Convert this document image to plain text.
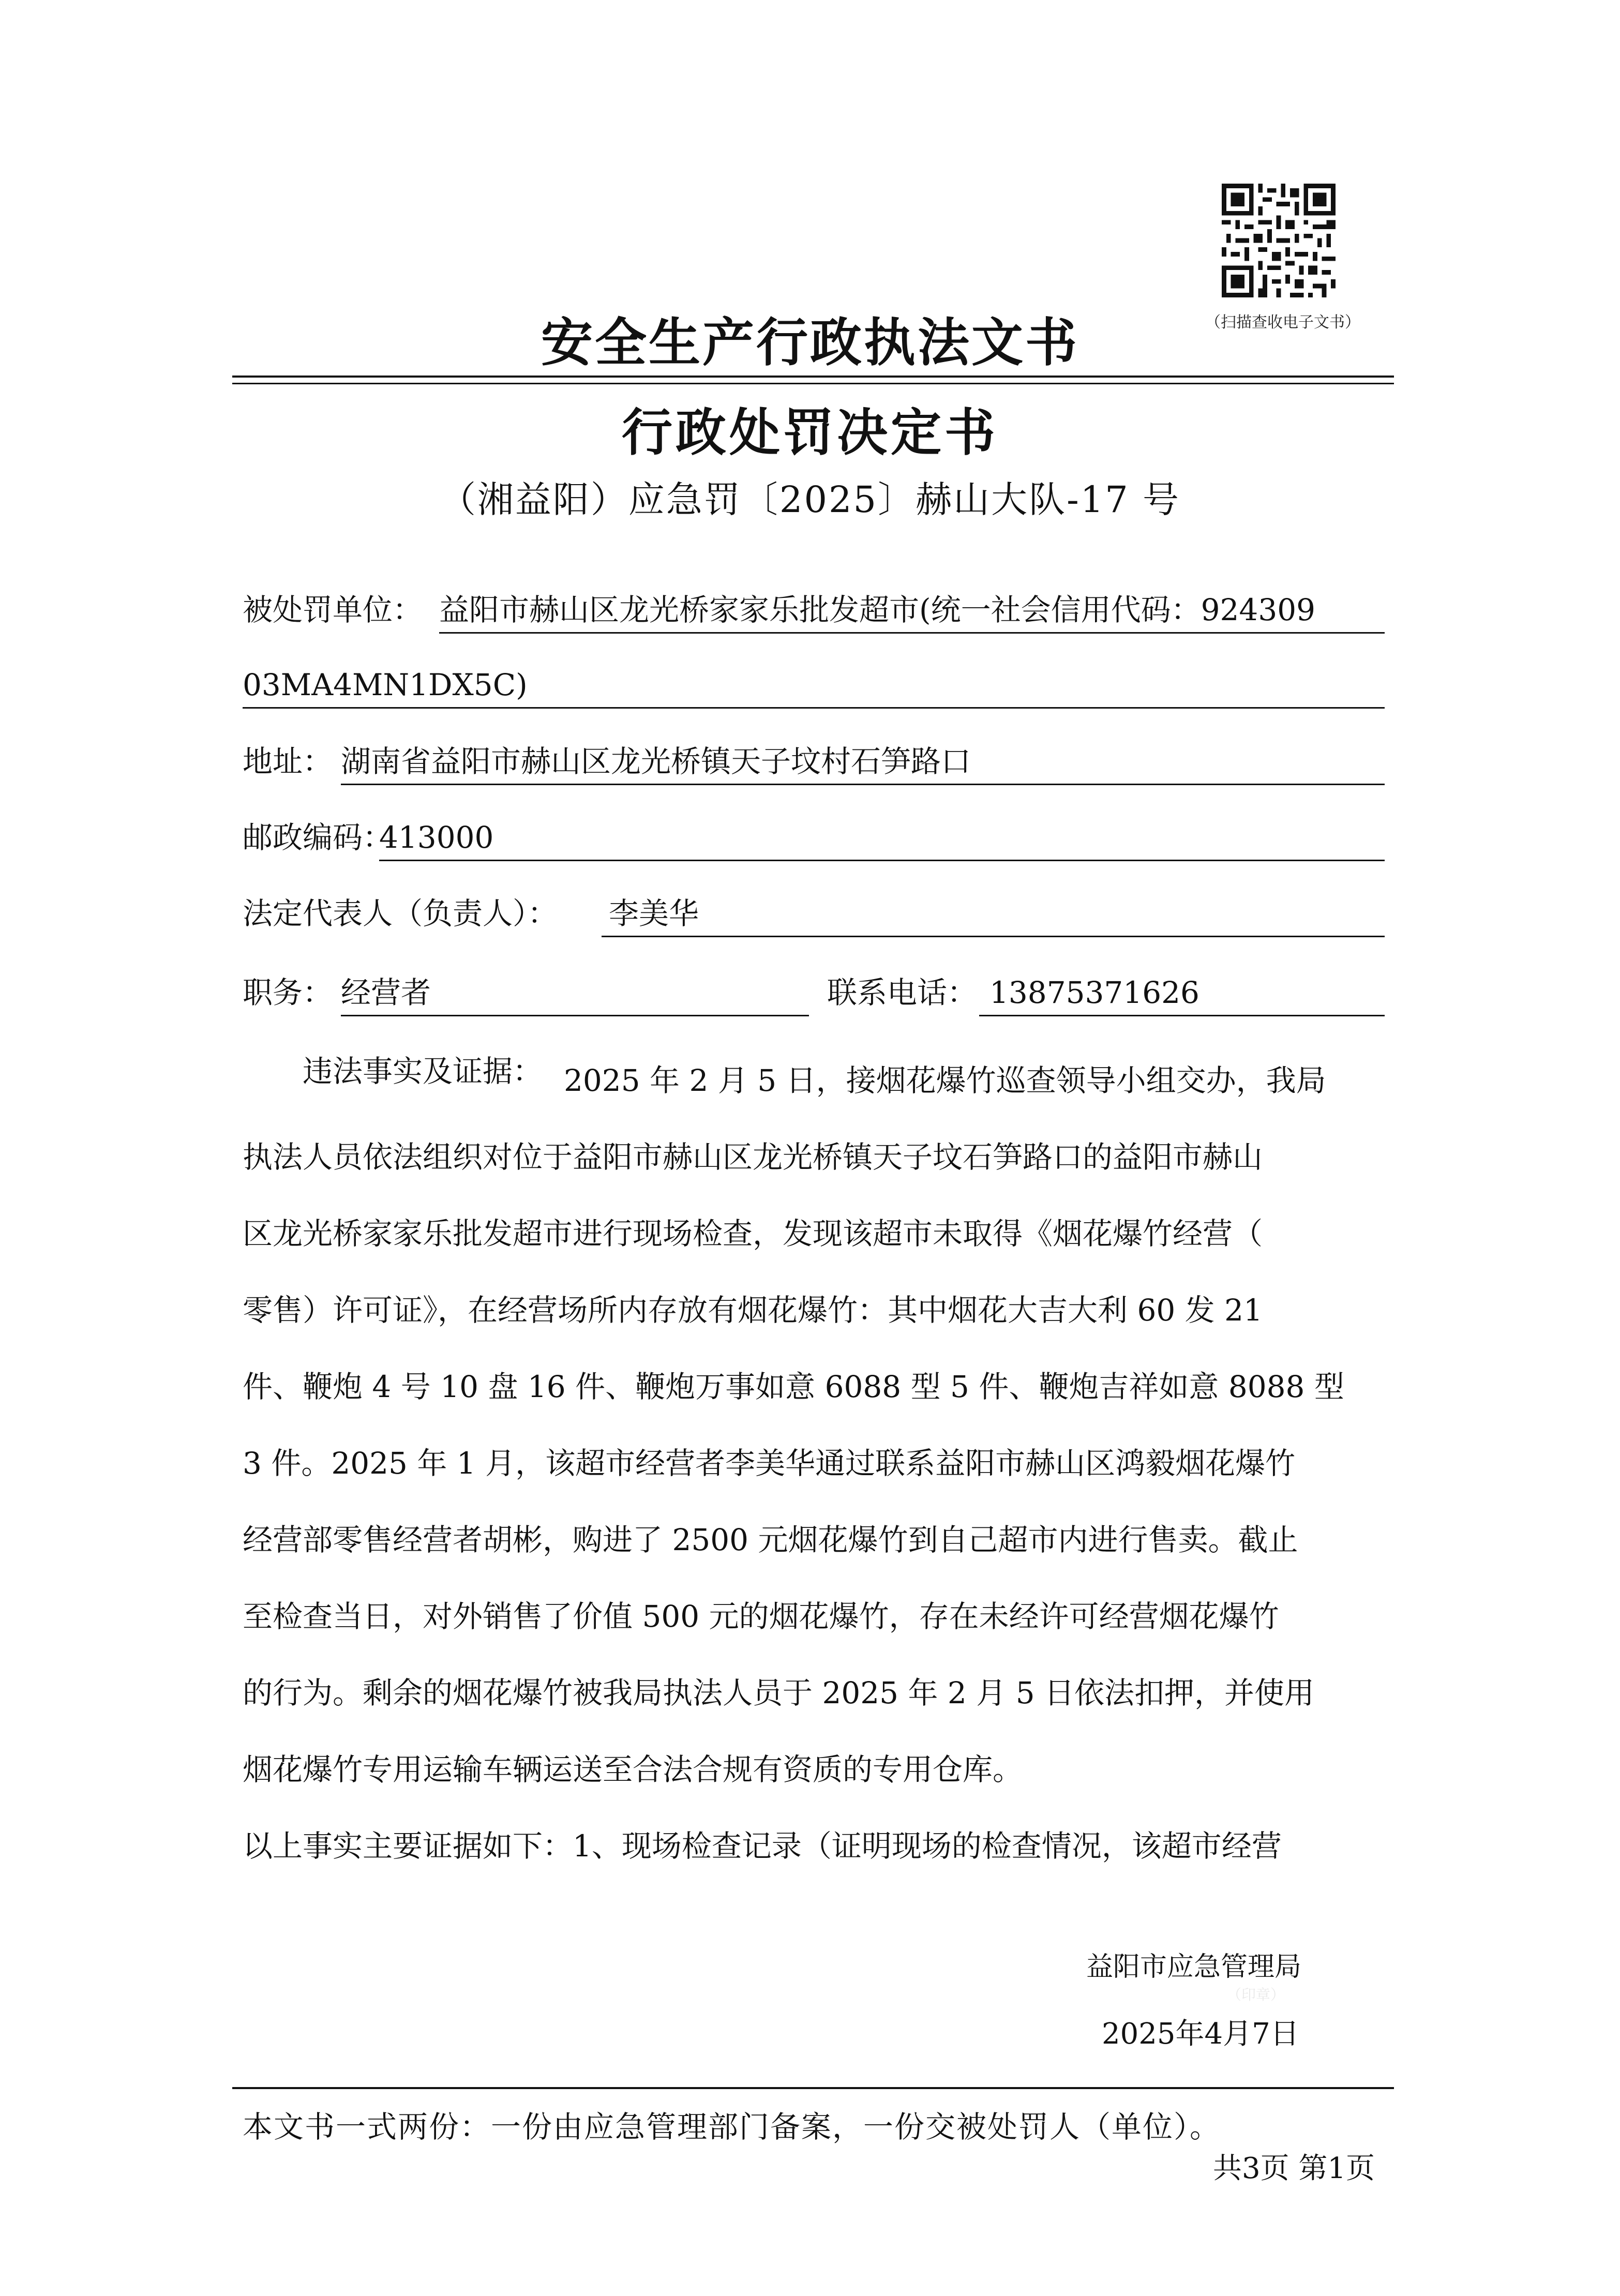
（扫描查收电子文书）
安全生产行政执法文书
行政处罚决定书
（湘益阳）应急罚〔2025〕赫山大队-17 号
被处罚单位： 益阳市赫山区龙光桥家家乐批发超市(统一社会信用代码：924309
03MA4MN1DX5C)
地址： 湖南省益阳市赫山区龙光桥镇天子坟村石笋路口
邮政编码：
413000
法定代表人（负责人）： 李美华
职务： 经营者	联系电话： 13875371626
违法事实及证据： 2025 年 2 月 5 日，接烟花爆竹巡查领导小组交办，我局
执法人员依法组织对位于益阳市赫山区龙光桥镇天子坟石笋路口的益阳市赫山
区龙光桥家家乐批发超市进行现场检查，发现该超市未取得《烟花爆竹经营（
零售）许可证》，在经营场所内存放有烟花爆竹：其中烟花大吉大利 60 发 21
件、鞭炮 4 号 10 盘 16 件、鞭炮万事如意 6088 型 5 件、鞭炮吉祥如意 8088 型
3 件。2025 年 1 月，该超市经营者李美华通过联系益阳市赫山区鸿毅烟花爆竹
经营部零售经营者胡彬，购进了 2500 元烟花爆竹到自己超市内进行售卖。截止
至检查当日，对外销售了价值 500 元的烟花爆竹，存在未经许可经营烟花爆竹
的行为。剩余的烟花爆竹被我局执法人员于 2025 年 2 月 5 日依法扣押，并使用
烟花爆竹专用运输车辆运送至合法合规有资质的专用仓库。
以上事实主要证据如下：1、现场检查记录（证明现场的检查情况，该超市经营
益阳市应急管理局
（印章）
2025年4月7日
本文书一式两份：一份由应急管理部门备案，一份交被处罚人（单位）。
共3页 第1页
